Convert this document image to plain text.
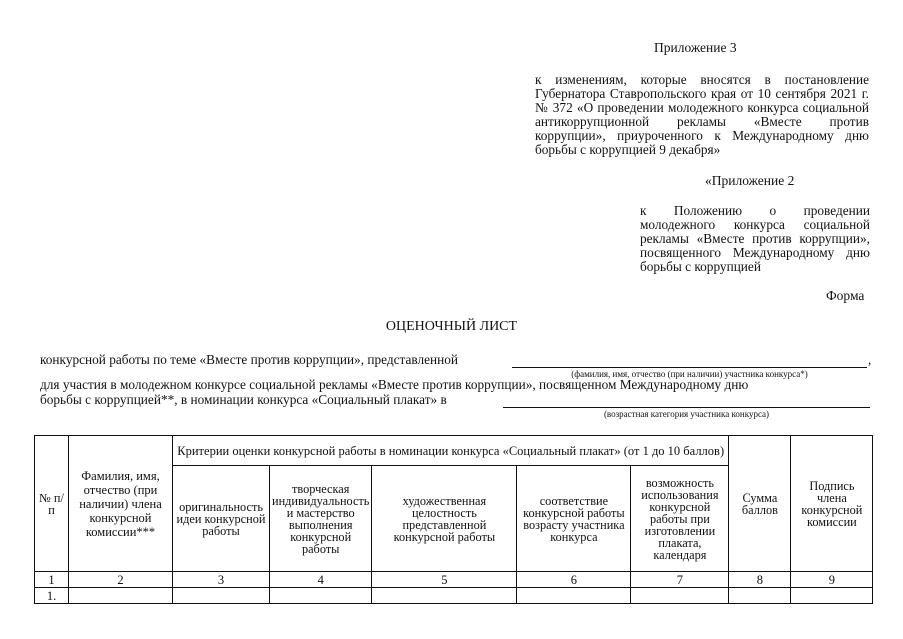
Приложение 3
к изменениям, которые вносятся в постановление Губернатора Ставропольского края от 10 сентября 2021 г. № 372 «О проведении молодежного конкурса социальной антикоррупционной рекламы «Вместе против коррупции», приуроченного к Международному дню борьбы с коррупцией 9 декабря»
«Приложение 2
к Положению о проведении молодежного конкурса социальной рекламы «Вместе против коррупции», посвященного Международному дню борьбы с коррупцией
Форма
ОЦЕНОЧНЫЙ ЛИСТ
конкурсной работы по теме «Вместе против коррупции», представленной
(фамилия, имя, отчество (при наличии) участника конкурса*)
,
для участия в молодежном конкурсе социальной рекламы «Вместе против коррупции», посвященном Международному дню
борьбы с коррупцией**, в номинации конкурса «Социальный плакат» в
(возрастная категория участника конкурса)
№ п/п	Фамилия, имя, отчество (при наличии) члена конкурсной комиссии***	Критерии оценки конкурсной работы в номинации конкурса «Социальный плакат» (от 1 до 10 баллов)					Сумма баллов	Подпись члена конкурсной комиссии
		оригинальность идеи конкурсной работы	творческая индивидуальность и мастерство выполнения конкурсной работы	художественная целостность представленной конкурсной работы	соответствие конкурсной работы возрасту участника конкурса	возможность использования конкурсной работы при изготовлении плаката, календаря		
1	2	3	4	5	6	7	8	9
1.								
